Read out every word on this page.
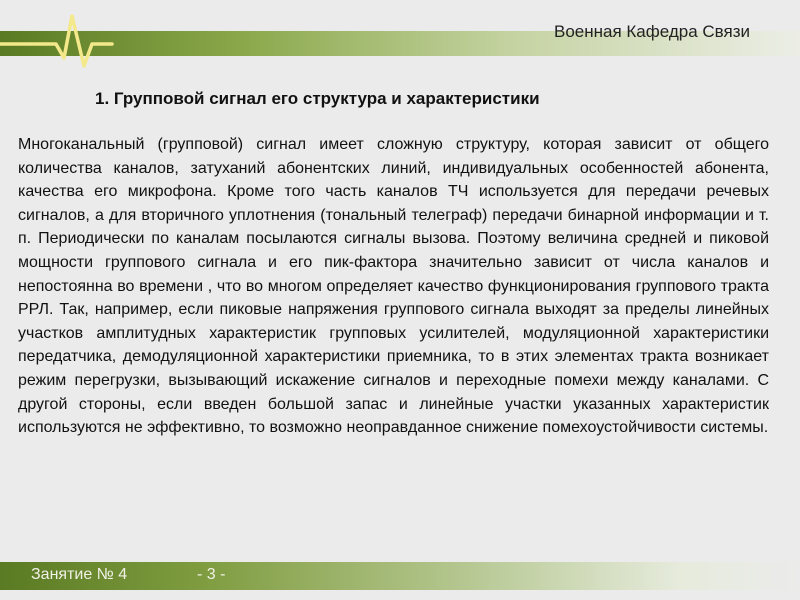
Военная Кафедра Связи
1. Групповой сигнал его структура и характеристики
Многоканальный (групповой) сигнал имеет сложную структуру, которая зависит от общего количества каналов, затуханий абонентских линий, индивидуальных особенностей абонента, качества его микрофона. Кроме того часть каналов ТЧ используется для передачи речевых сигналов, а для вторичного уплотнения (тональный телеграф) передачи бинарной информации и т. п. Периодически по каналам посылаются сигналы вызова. Поэтому величина средней и пиковой мощности группового сигнала и его пик-фактора значительно зависит от числа каналов и непостоянна во времени , что во многом определяет качество функционирования группового тракта РРЛ. Так, например, если пиковые напряжения группового сигнала выходят за пределы линейных участков амплитудных характеристик групповых усилителей, модуляционной характеристики передатчика, демодуляционной характеристики приемника, то в этих элементах тракта возникает режим перегрузки, вызывающий искажение сигналов и переходные помехи между каналами. С другой стороны, если введен большой запас и линейные участки указанных характеристик используются не эффективно, то возможно неоправданное снижение помехоустойчивости системы.
Занятие № 4	- 3 -
